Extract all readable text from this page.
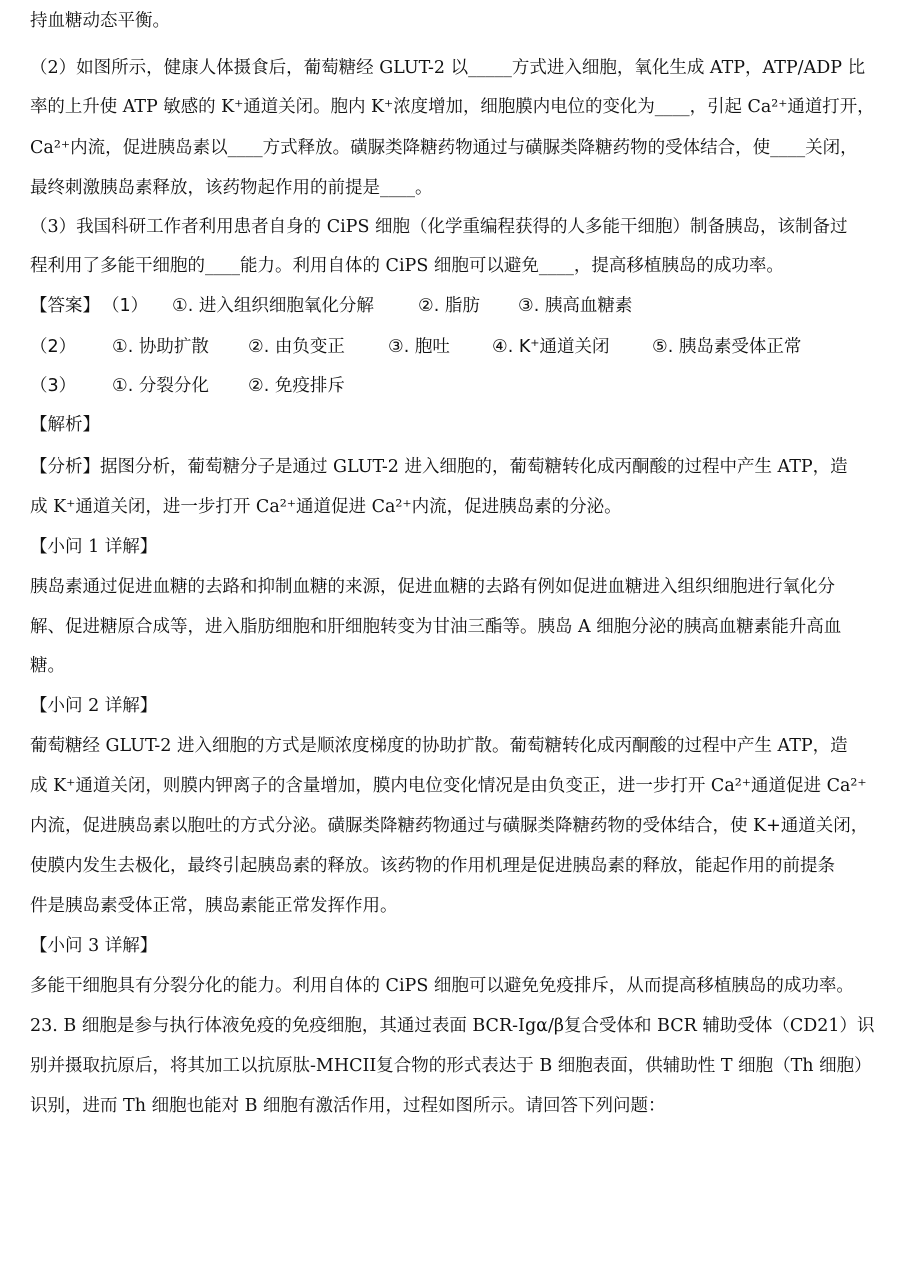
持血糖动态平衡。
（2）如图所示，健康人体摄食后，葡萄糖经 GLUT-2 以_____方式进入细胞，氧化生成 ATP，ATP/ADP 比
率的上升使 ATP 敏感的 K⁺通道关闭。胞内 K⁺浓度增加，细胞膜内电位的变化为____，引起 Ca²⁺通道打开，
Ca²⁺内流，促进胰岛素以____方式释放。磺脲类降糖药物通过与磺脲类降糖药物的受体结合，使____关闭，
最终刺激胰岛素释放，该药物起作用的前提是____。
（3）我国科研工作者利用患者自身的 CiPS 细胞（化学重编程获得的人多能干细胞）制备胰岛，该制备过
程利用了多能干细胞的____能力。利用自体的 CiPS 细胞可以避免____，提高移植胰岛的成功率。
【答案】 （1） ①. 进入组织细胞氧化分解	②. 脂肪 ③. 胰高血糖素
（2） ①. 协助扩散 ②. 由负变正 ③. 胞吐 ④. K⁺通道关闭 ⑤. 胰岛素受体正常
（3） ①. 分裂分化 ②. 免疫排斥
【解析】
【分析】据图分析，葡萄糖分子是通过 GLUT-2 进入细胞的，葡萄糖转化成丙酮酸的过程中产生 ATP，造
成 K⁺通道关闭，进一步打开 Ca²⁺通道促进 Ca²⁺内流，促进胰岛素的分泌。
【小问 1 详解】
胰岛素通过促进血糖的去路和抑制血糖的来源，促进血糖的去路有例如促进血糖进入组织细胞进行氧化分
解、促进糖原合成等，进入脂肪细胞和肝细胞转变为甘油三酯等。胰岛 A 细胞分泌的胰高血糖素能升高血
糖。
【小问 2 详解】
葡萄糖经 GLUT-2 进入细胞的方式是顺浓度梯度的协助扩散。葡萄糖转化成丙酮酸的过程中产生 ATP，造
成 K⁺通道关闭，则膜内钾离子的含量增加，膜内电位变化情况是由负变正，进一步打开 Ca²⁺通道促进 Ca²⁺
内流，促进胰岛素以胞吐的方式分泌。磺脲类降糖药物通过与磺脲类降糖药物的受体结合，使 K+通道关闭，
使膜内发生去极化，最终引起胰岛素的释放。该药物的作用机理是促进胰岛素的释放，能起作用的前提条
件是胰岛素受体正常，胰岛素能正常发挥作用。
【小问 3 详解】
多能干细胞具有分裂分化的能力。利用自体的 CiPS 细胞可以避免免疫排斥，从而提高移植胰岛的成功率。
23. B 细胞是参与执行体液免疫的免疫细胞，其通过表面 BCR-Igα/β复合受体和 BCR 辅助受体（CD21）识
别并摄取抗原后，将其加工以抗原肽-MHCII复合物的形式表达于 B 细胞表面，供辅助性 T 细胞（Th 细胞）
识别，进而 Th 细胞也能对 B 细胞有激活作用，过程如图所示。请回答下列问题：
